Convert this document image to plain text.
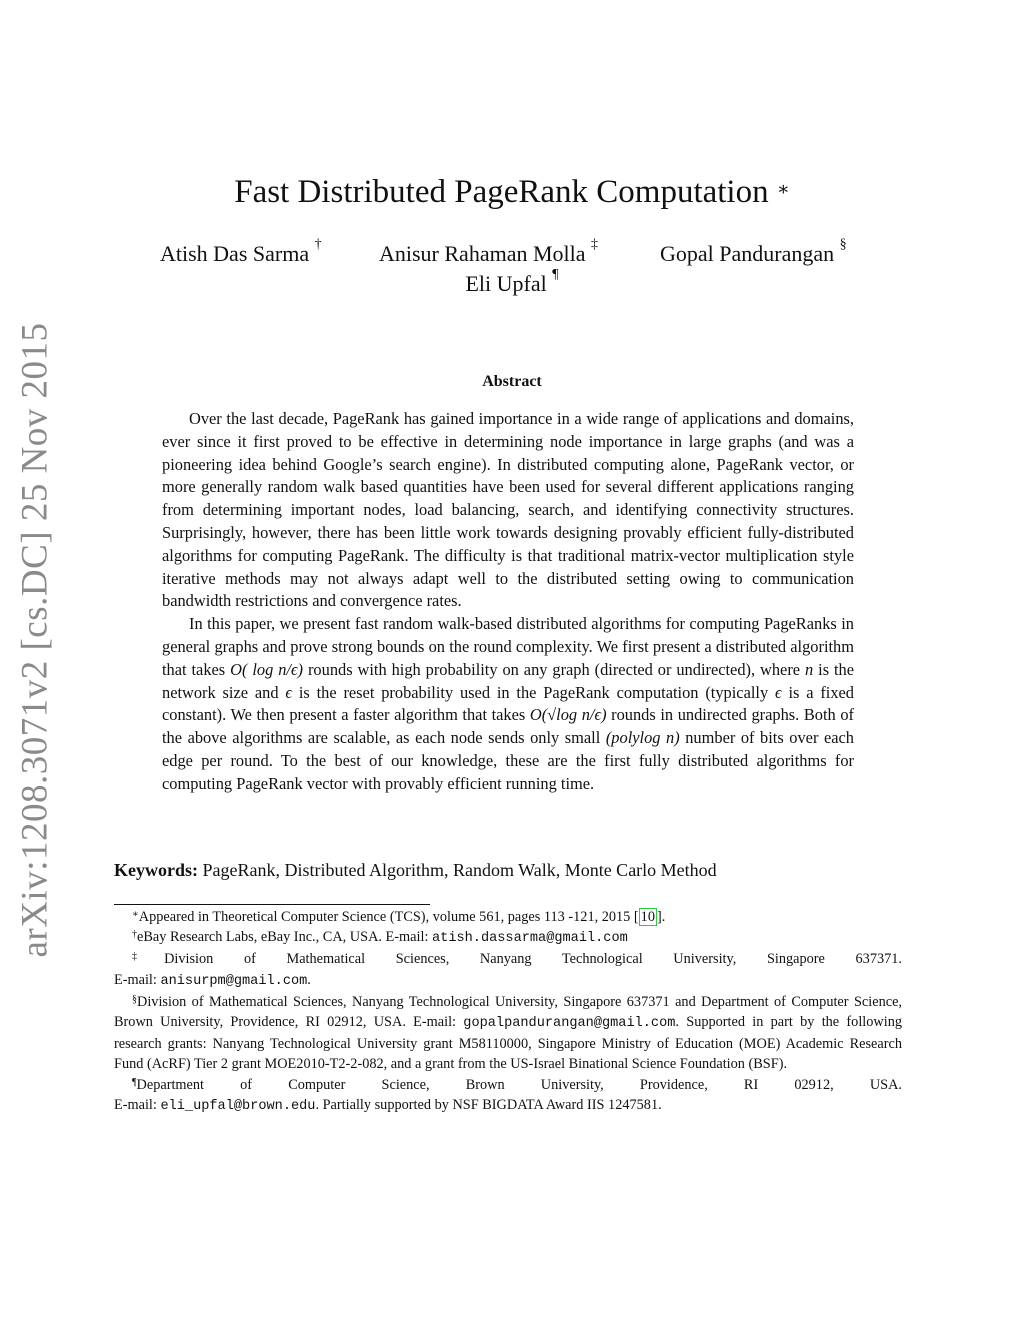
arXiv:1208.3071v2 [cs.DC] 25 Nov 2015
Fast Distributed PageRank Computation ∗
Atish Das Sarma †	Anisur Rahaman Molla ‡	Gopal Pandurangan §
Eli Upfal ¶
Abstract

Over the last decade, PageRank has gained importance in a wide range of applications and domains, ever since it first proved to be effective in determining node importance in large graphs (and was a pioneering idea behind Google’s search engine). In distributed computing alone, PageRank vector, or more generally random walk based quantities have been used for several different applications ranging from determining important nodes, load balancing, search, and identifying connectivity structures. Surprisingly, however, there has been little work towards designing provably efficient fully-distributed algorithms for computing PageRank. The difficulty is that traditional matrix-vector multiplication style iterative methods may not always adapt well to the distributed setting owing to communication bandwidth restrictions and convergence rates.

In this paper, we present fast random walk-based distributed algorithms for computing PageRanks in general graphs and prove strong bounds on the round complexity. We first present a distributed algorithm that takes O( log n/ϵ) rounds with high probability on any graph (directed or undirected), where n is the network size and ϵ is the reset probability used in the PageRank computation (typically ϵ is a fixed constant). We then present a faster algorithm that takes O(√log n/ϵ) rounds in undirected graphs. Both of the above algorithms are scalable, as each node sends only small (polylog n) number of bits over each edge per round. To the best of our knowledge, these are the first fully distributed algorithms for computing PageRank vector with provably efficient running time.

Keywords: PageRank, Distributed Algorithm, Random Walk, Monte Carlo Method

∗Appeared in Theoretical Computer Science (TCS), volume 561, pages 113 -121, 2015 [ 10 ].

†eBay Research Labs, eBay Inc., CA, USA. E-mail: atish.dassarma@gmail.com

‡Division of Mathematical Sciences, Nanyang Technological University, Singapore 637371.

E-mail: anisurpm@gmail.com.

§Division of Mathematical Sciences, Nanyang Technological University, Singapore 637371 and Department of Computer Science, Brown University, Providence, RI 02912, USA. E-mail: gopalpandurangan@gmail.com. Supported in part by the following research grants: Nanyang Technological University grant M58110000, Singapore Ministry of Education (MOE) Academic Research Fund (AcRF) Tier 2 grant MOE2010-T2-2-082, and a grant from the US-Israel Binational Science Foundation (BSF).

¶Department of Computer Science, Brown University, Providence, RI 02912, USA.

E-mail: eli_upfal@brown.edu. Partially supported by NSF BIGDATA Award IIS 1247581.
